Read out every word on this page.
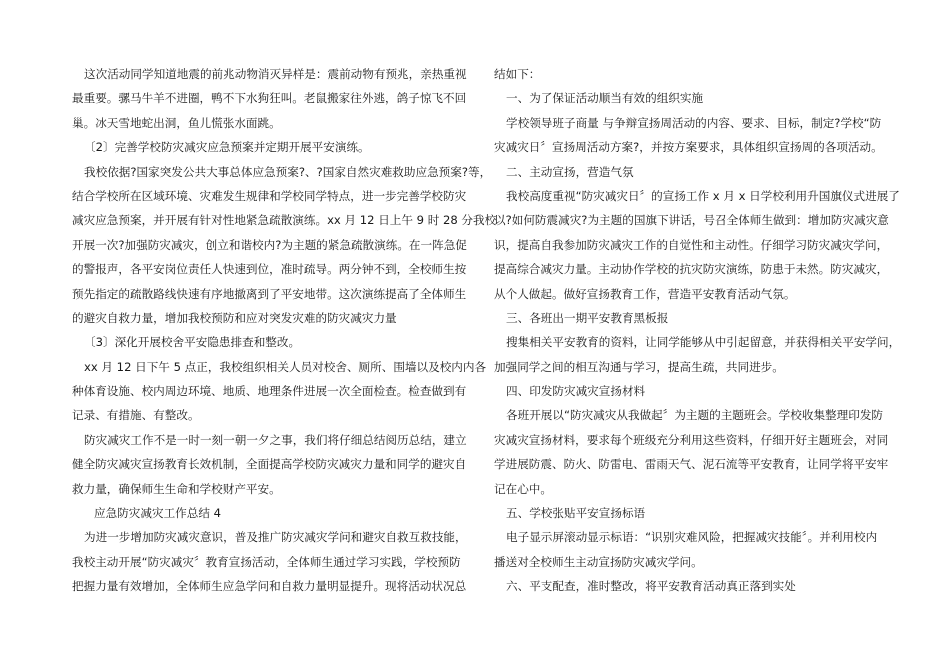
这次活动同学知道地震的前兆动物消灭异样是：震前动物有预兆，亲热重视
最重要。骡马牛羊不进圈，鸭不下水狗狂叫。老鼠搬家往外逃，鸽子惊飞不回
巢。冰天雪地蛇出洞，鱼儿慌张水面跳。
〔2〕完善学校防灾减灾应急预案并定期开展平安演练。
我校依据?国家突发公共大事总体应急预案?、?国家自然灾难救助应急预案?等，
结合学校所在区域环境、灾难发生规律和学校同学特点，进一步完善学校防灾
减灾应急预案，并开展有针对性地紧急疏散演练。xx 月 12 日上午 9 时 28 分我校
开展一次?加强防灾减灾，创立和谐校内?为主题的紧急疏散演练。在一阵急促
的警报声，各平安岗位责任人快速到位，准时疏导。两分钟不到，全校师生按
预先指定的疏散路线快速有序地撤离到了平安地带。这次演练提高了全体师生
的避灾自救力量，增加我校预防和应对突发灾难的防灾减灾力量
〔3〕深化开展校舍平安隐患排查和整改。
xx 月 12 日下午 5 点正，我校组织相关人员对校舍、厕所、围墙以及校内内各
种体育设施、校内周边环境、地质、地理条件进展一次全面检查。检查做到有
记录、有措施、有整改。
防灾减灾工作不是一时一刻一朝一夕之事，我们将仔细总结阅历总结，建立
健全防灾减灾宣扬教育长效机制，全面提高学校防灾减灾力量和同学的避灾自
救力量，确保师生生命和学校财产平安。
应急防灾减灾工作总结 4
为进一步增加防灾减灾意识，普及推广防灾减灾学问和避灾自救互救技能，
我校主动开展“防灾减灾〞教育宣扬活动，全体师生通过学习实践，学校预防
把握力量有效增加，全体师生应急学问和自救力量明显提升。现将活动状况总
结如下：
一、为了保证活动顺当有效的组织实施
学校领导班子商量 与争辩宣扬周活动的内容、要求、目标，制定?学校“防
灾减灾日〞宣扬周活动方案?，并按方案要求，具体组织宣扬周的各项活动。
二、主动宣扬，营造气氛
我校高度重视“防灾减灾日〞的宣扬工作 x 月 x 日学校利用升国旗仪式进展了
以?如何防震减灾?为主题的国旗下讲话，号召全体师生做到：增加防灾减灾意
识，提高自我参加防灾减灾工作的自觉性和主动性。仔细学习防灾减灾学问，
提高综合减灾力量。主动协作学校的抗灾防灾演练，防患于未然。防灾减灾，
从个人做起。做好宣扬教育工作，营造平安教育活动气氛。
三、各班出一期平安教育黑板报
搜集相关平安教育的资料，让同学能够从中引起留意，并获得相关平安学问，
加强同学之间的相互沟通与学习，提高生疏，共同进步。
四、印发防灾减灾宣扬材料
各班开展以“防灾减灾从我做起〞为主题的主题班会。学校收集整理印发防
灾减灾宣扬材料，要求每个班级充分利用这些资料，仔细开好主题班会，对同
学进展防震、防火、防雷电、雷雨天气、泥石流等平安教育，让同学将平安牢
记在心中。
五、学校张贴平安宣扬标语
电子显示屏滚动显示标语：“识别灾难风险，把握减灾技能〞。并利用校内
播送对全校师生主动宣扬防灾减灾学问。
六、平支配查，准时整改，将平安教育活动真正落到实处
